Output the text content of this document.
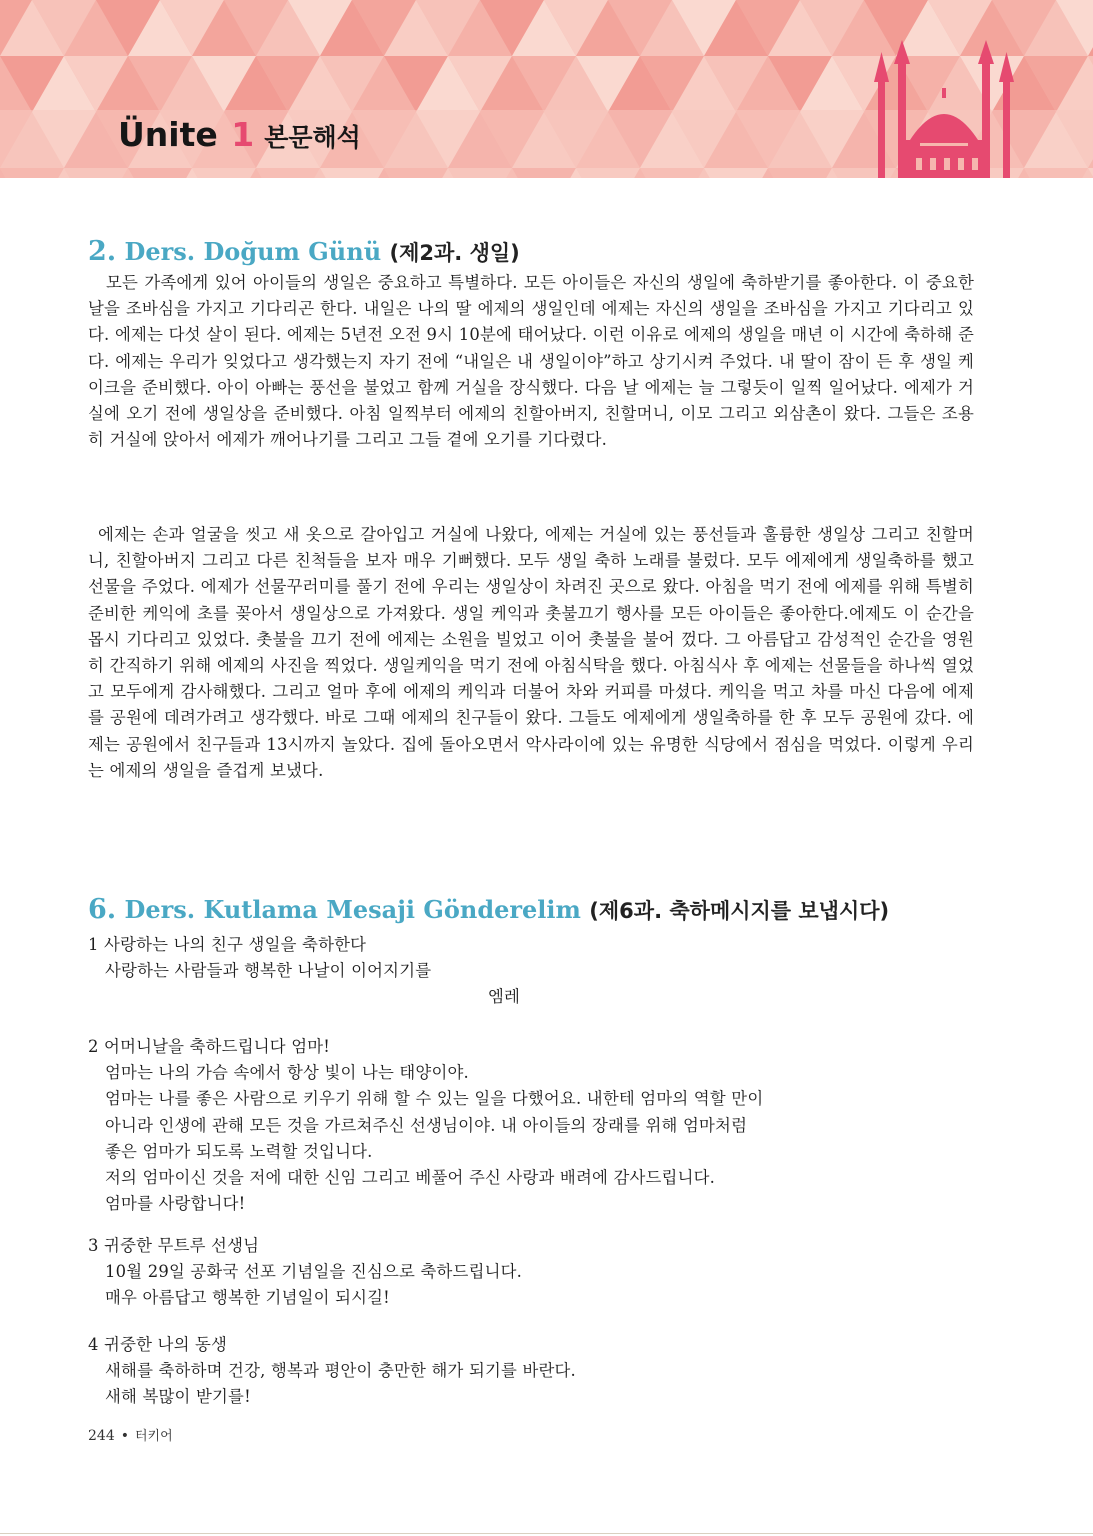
Ünite 1 본문해석
2. Ders. Doğum Günü (제2과. 생일)

모든 가족에게 있어 아이들의 생일은 중요하고 특별하다. 모든 아이들은 자신의 생일에 축하받기를 좋아한다. 이 중요한 날을 조바심을 가지고 기다리곤 한다. 내일은 나의 딸 에제의 생일인데 에제는 자신의 생일을 조바심을 가지고 기다리고 있다. 에제는 다섯 살이 된다. 에제는 5년전 오전 9시 10분에 태어났다. 이런 이유로 에제의 생일을 매년 이 시간에 축하해 준다. 에제는 우리가 잊었다고 생각했는지 자기 전에 “내일은 내 생일이야”하고 상기시켜 주었다. 내 딸이 잠이 든 후 생일 케이크을 준비했다. 아이 아빠는 풍선을 불었고 함께 거실을 장식했다. 다음 날 에제는 늘 그렇듯이 일찍 일어났다. 에제가 거실에 오기 전에 생일상을 준비했다. 아침 일찍부터 에제의 친할아버지, 친할머니, 이모 그리고 외삼촌이 왔다. 그들은 조용히 거실에 앉아서 에제가 깨어나기를 그리고 그들 곁에 오기를 기다렸다.

에제는 손과 얼굴을 씻고 새 옷으로 갈아입고 거실에 나왔다, 에제는 거실에 있는 풍선들과 훌륭한 생일상 그리고 친할머니, 친할아버지 그리고 다른 친척들을 보자 매우 기뻐했다. 모두 생일 축하 노래를 불렀다. 모두 에제에게 생일축하를 했고 선물을 주었다. 에제가 선물꾸러미를 풀기 전에 우리는 생일상이 차려진 곳으로 왔다. 아침을 먹기 전에 에제를 위해 특별히 준비한 케익에 초를 꽂아서 생일상으로 가져왔다. 생일 케익과 촛불끄기 행사를 모든 아이들은 좋아한다.에제도 이 순간을 몹시 기다리고 있었다. 촛불을 끄기 전에 에제는 소원을 빌었고 이어 촛불을 불어 껐다. 그 아름답고 감성적인 순간을 영원히 간직하기 위해 에제의 사진을 찍었다. 생일케익을 먹기 전에 아침식탁을 했다. 아침식사 후 에제는 선물들을 하나씩 열었고 모두에게 감사해했다. 그리고 얼마 후에 에제의 케익과 더불어 차와 커피를 마셨다. 케익을 먹고 차를 마신 다음에 에제를 공원에 데려가려고 생각했다. 바로 그때 에제의 친구들이 왔다. 그들도 에제에게 생일축하를 한 후 모두 공원에 갔다. 에제는 공원에서 친구들과 13시까지 놀았다. 집에 돌아오면서 악사라이에 있는 유명한 식당에서 점심을 먹었다. 이렇게 우리는 에제의 생일을 즐겁게 보냈다.

6. Ders. Kutlama Mesaji Gönderelim (제6과. 축하메시지를 보냅시다)

1 사랑하는 나의 친구 생일을 축하한다

사랑하는 사람들과 행복한 나날이 이어지기를

엠레

2 어머니날을 축하드립니다 엄마!

엄마는 나의 가슴 속에서 항상 빛이 나는 태양이야.

엄마는 나를 좋은 사람으로 키우기 위해 할 수 있는 일을 다했어요. 내한테 엄마의 역할 만이

아니라 인생에 관해 모든 것을 가르쳐주신 선생님이야. 내 아이들의 장래를 위해 엄마처럼

좋은 엄마가 되도록 노력할 것입니다.

저의 엄마이신 것을 저에 대한 신임 그리고 베풀어 주신 사랑과 배려에 감사드립니다.

엄마를 사랑합니다!

3 귀중한 무트루 선생님

10월 29일 공화국 선포 기념일을 진심으로 축하드립니다.

매우 아름답고 행복한 기념일이 되시길!

4 귀중한 나의 동생

새해를 축하하며 건강, 행복과 평안이 충만한 해가 되기를 바란다.

새해 복많이 받기를!

244 • 터키어
